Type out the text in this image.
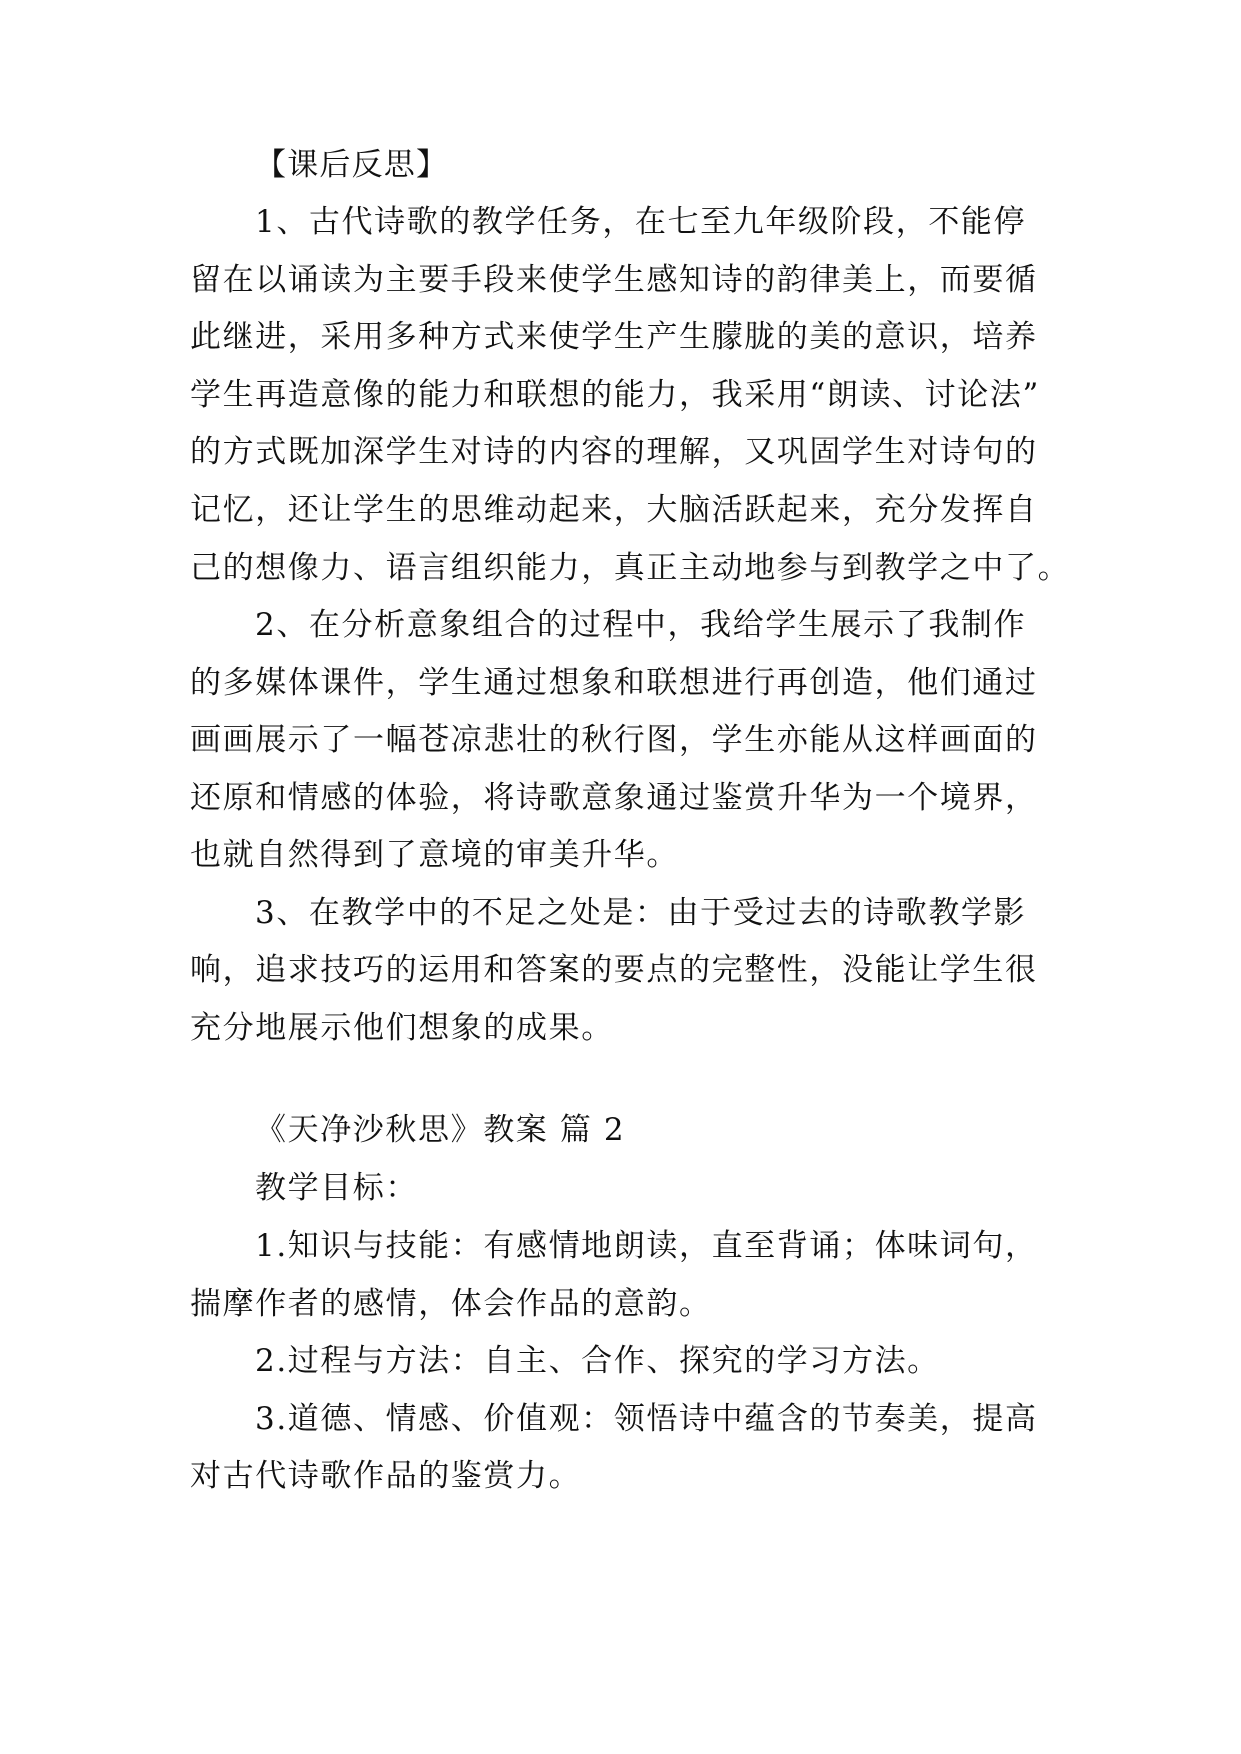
【课后反思】
1、古代诗歌的教学任务，在七至九年级阶段，不能停
留在以诵读为主要手段来使学生感知诗的韵律美上，而要循
此继进，采用多种方式来使学生产生朦胧的美的意识，培养
学生再造意像的能力和联想的能力，我采用“朗读、讨论法”
的方式既加深学生对诗的内容的理解，又巩固学生对诗句的
记忆，还让学生的思维动起来，大脑活跃起来，充分发挥自
己的想像力、语言组织能力，真正主动地参与到教学之中了。
2、在分析意象组合的过程中，我给学生展示了我制作
的多媒体课件，学生通过想象和联想进行再创造，他们通过
画画展示了一幅苍凉悲壮的秋行图，学生亦能从这样画面的
还原和情感的体验，将诗歌意象通过鉴赏升华为一个境界，
也就自然得到了意境的审美升华。
3、在教学中的不足之处是：由于受过去的诗歌教学影
响，追求技巧的运用和答案的要点的完整性，没能让学生很
充分地展示他们想象的成果。
《天净沙秋思》教案 篇 2
教学目标：
1.知识与技能：有感情地朗读，直至背诵；体味词句，
揣摩作者的感情，体会作品的意韵。
2.过程与方法：自主、合作、探究的学习方法。
3.道德、情感、价值观：领悟诗中蕴含的节奏美，提高
对古代诗歌作品的鉴赏力。
